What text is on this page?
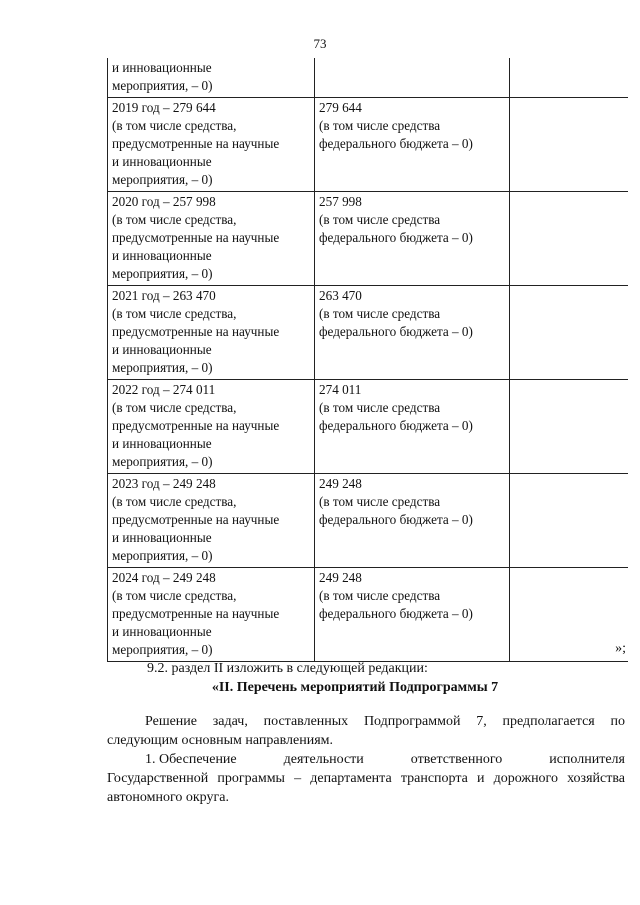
73
и инновационные
мероприятия, – 0)		

2019 год – 279 644
(в том числе средства,
предусмотренные на научные
и инновационные
мероприятия, – 0)	279 644
(в том числе средства
федерального бюджета – 0)	

2020 год – 257 998
(в том числе средства,
предусмотренные на научные
и инновационные
мероприятия, – 0)	257 998
(в том числе средства
федерального бюджета – 0)	

2021 год – 263 470
(в том числе средства,
предусмотренные на научные
и инновационные
мероприятия, – 0)	263 470
(в том числе средства
федерального бюджета – 0)	

2022 год – 274 011
(в том числе средства,
предусмотренные на научные
и инновационные
мероприятия, – 0)	274 011
(в том числе средства
федерального бюджета – 0)	

2023 год – 249 248
(в том числе средства,
предусмотренные на научные
и инновационные
мероприятия, – 0)	249 248
(в том числе средства
федерального бюджета – 0)	

2024 год – 249 248
(в том числе средства,
предусмотренные на научные
и инновационные
мероприятия, – 0)	249 248
(в том числе средства
федерального бюджета – 0)	

»;
9.2. раздел II изложить в следующей редакции:
«II. Перечень мероприятий Подпрограммы 7
Решение задач, поставленных Подпрограммой 7, предполагается по следующим основным направлениям.
1. Обеспечение	деятельности	ответственного	исполнителя
Государственной программы – департамента транспорта и дорожного хозяйства автономного округа.
